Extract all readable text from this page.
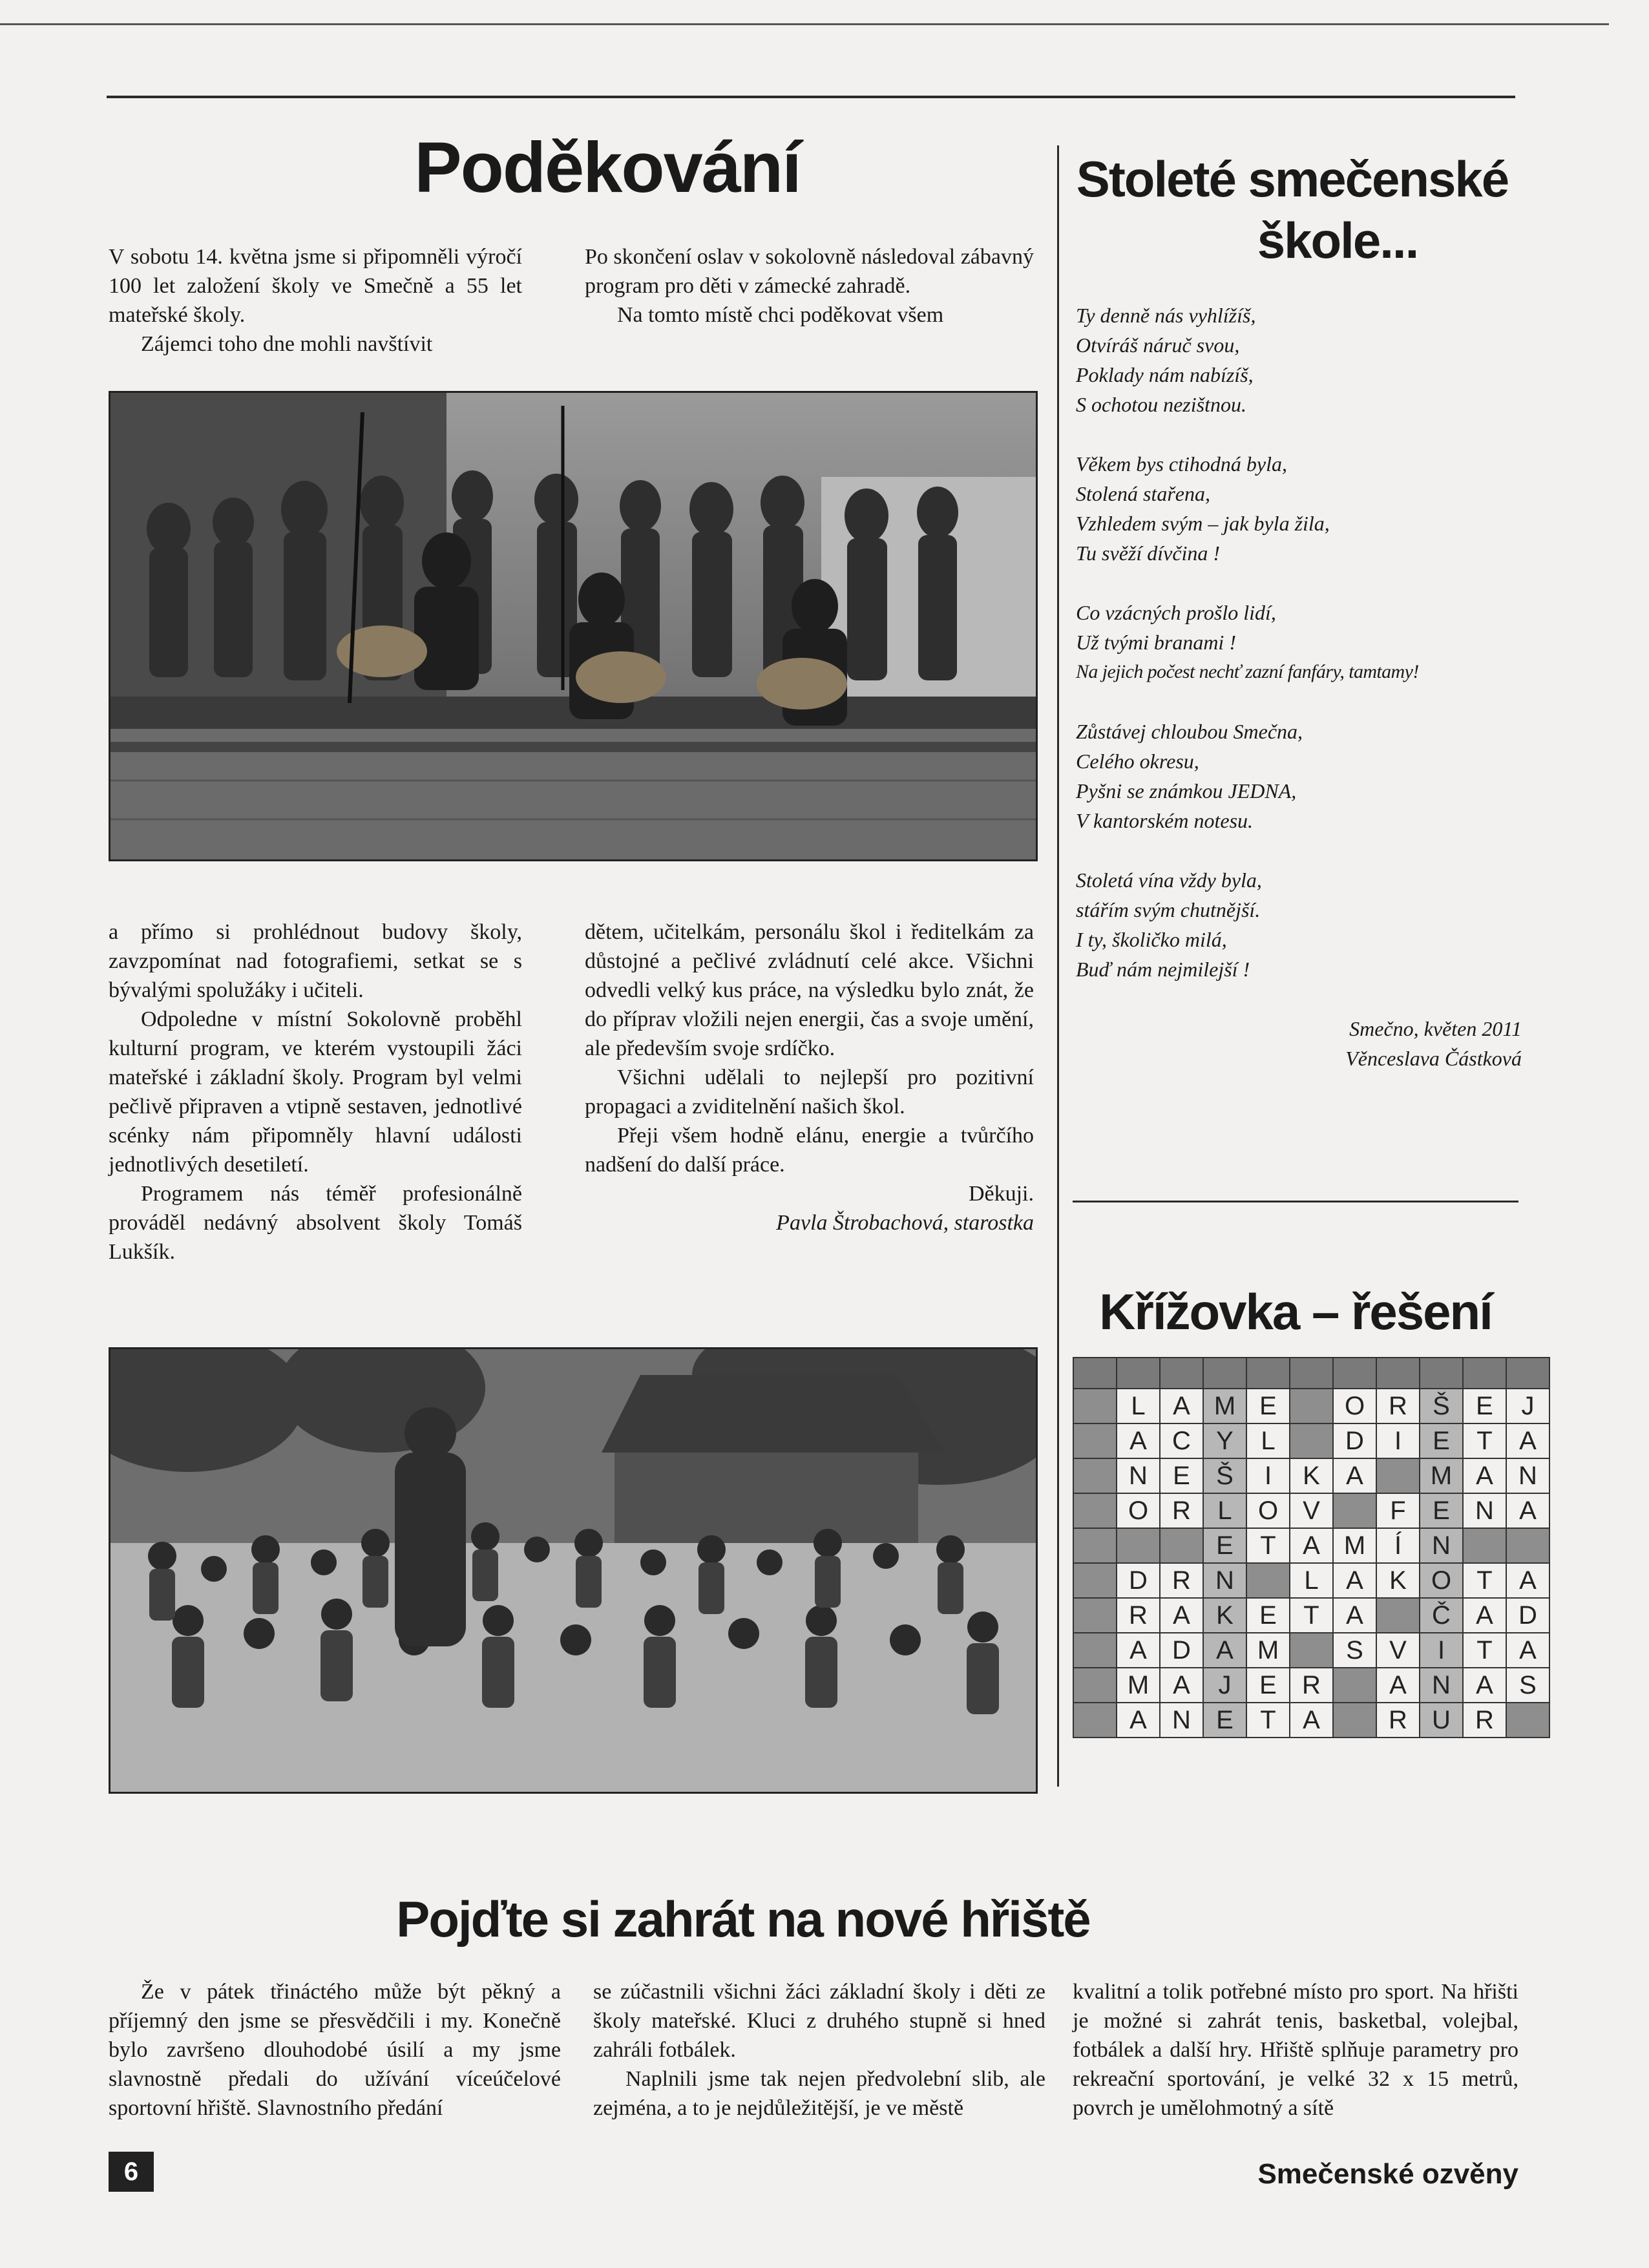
Poděkování

V sobotu 14. května jsme si připomněli výročí 100 let založení školy ve Smečně a 55 let mateřské školy.

Zájemci toho dne mohli navštívit

Po skončení oslav v sokolovně následoval zábavný program pro děti v zámecké zahradě.

Na tomto místě chci poděkovat všem

a přímo si prohlédnout budovy školy, zavzpomínat nad fotografiemi, setkat se s bývalými spolužáky i učiteli.

Odpoledne v místní Sokolovně proběhl kulturní program, ve kterém vystoupili žáci mateřské i základní školy. Program byl velmi pečlivě připraven a vtipně sestaven, jednotlivé scénky nám připomněly hlavní události jednotlivých desetiletí.

Programem nás téměř profesionálně prováděl nedávný absolvent školy Tomáš Lukšík.

dětem, učitelkám, personálu škol i ředitelkám za důstojné a pečlivé zvládnutí celé akce. Všichni odvedli velký kus práce, na výsledku bylo znát, že do příprav vložili nejen energii, čas a svoje umění, ale především svoje srdíčko.

Všichni udělali to nejlepší pro pozitivní propagaci a zviditelnění našich škol.

Přeji všem hodně elánu, energie a tvůrčího nadšení do další práce.

Děkuji.

Pavla Štrobachová, starostka

Stoleté smečenské
škole...

Ty denně nás vyhlížíš,

Otvíráš náruč svou,

Poklady nám nabízíš,

S ochotou nezištnou.

Věkem bys ctihodná byla,

Stolená stařena,

Vzhledem svým – jak byla žila,

Tu svěží dívčina !

Co vzácných prošlo lidí,

Už tvými branami !

Na jejich počest nechť zazní fanfáry, tamtamy!

Zůstávej chloubou Smečna,

Celého okresu,

Pyšni se známkou JEDNA,

V kantorském notesu.

Stoletá vína vždy byla,

stářím svým chutnější.

I ty, školičko milá,

Buď nám nejmilejší !

Smečno, květen 2011

Věnceslava Částková

Křížovka – řešení

	L	A	M	E		O	R	Š	E	J
	A	C	Y	L		D	I	E	T	A
	N	E	Š	I	K	A		M	A	N
	O	R	L	O	V		F	E	N	A
			E	T	A	M	Í	N		
	D	R	N		L	A	K	O	T	A
	R	A	K	E	T	A		Č	A	D
	A	D	A	M		S	V	I	T	A
	M	A	J	E	R		A	N	A	S
	A	N	E	T	A		R	U	R	
Pojďte si zahrát na nové hřiště

Že v pátek třináctého může být pěkný a příjemný den jsme se přesvědčili i my. Konečně bylo završeno dlouhodobé úsilí a my jsme slavnostně předali do užívání víceúčelové sportovní hřiště. Slavnostního předání

se zúčastnili všichni žáci základní školy i děti ze školy mateřské. Kluci z druhého stupně si hned zahráli fotbálek.

Naplnili jsme tak nejen předvolební slib, ale zejména, a to je nejdůležitější, je ve městě

kvalitní a tolik potřebné místo pro sport. Na hřišti je možné si zahrát tenis, basketbal, volejbal, fotbálek a další hry. Hřiště splňuje parametry pro rekreační sportování, je velké 32 x 15 metrů, povrch je umělohmotný a sítě

6	Smečenské ozvěny
